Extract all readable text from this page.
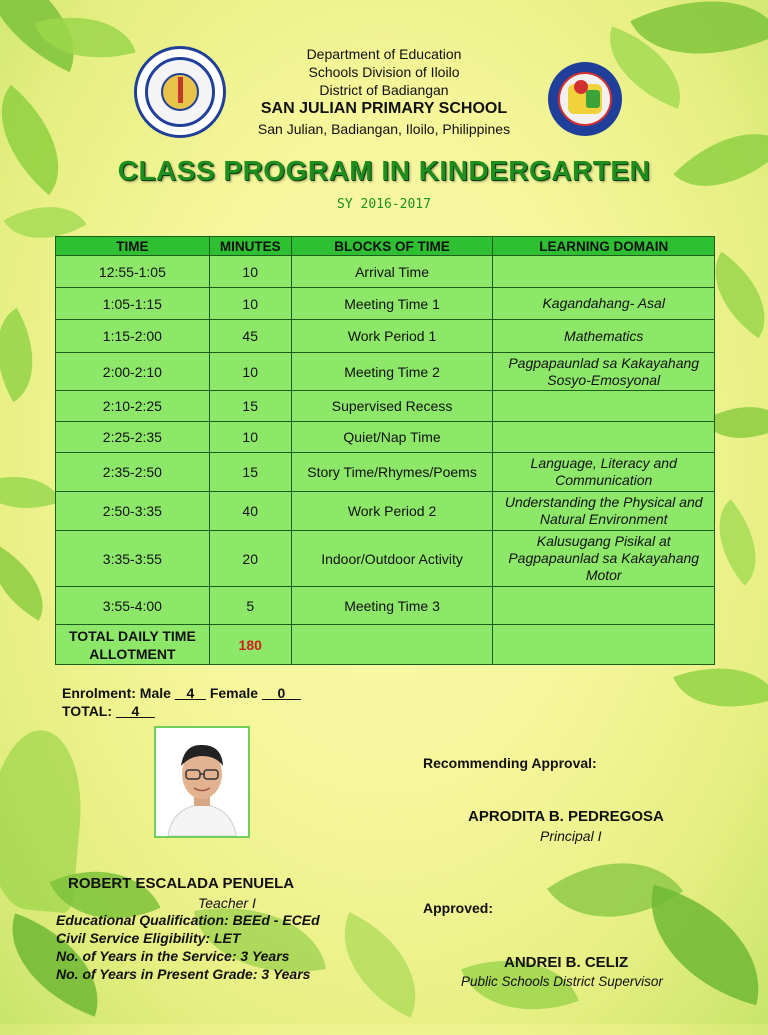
Department of Education
Schools Division of Iloilo
District of Badiangan
SAN JULIAN PRIMARY SCHOOL
San Julian, Badiangan, Iloilo, Philippines
CLASS PROGRAM IN KINDERGARTEN
SY 2016-2017
TIME	MINUTES	BLOCKS OF TIME	LEARNING DOMAIN
12:55-1:05	10	Arrival Time	
1:05-1:15	10	Meeting Time 1	Kagandahang- Asal
1:15-2:00	45	Work Period 1	Mathematics
2:00-2:10	10	Meeting Time 2	Pagpapaunlad sa Kakayahang Sosyo-Emosyonal
2:10-2:25	15	Supervised Recess	
2:25-2:35	10	Quiet/Nap Time	
2:35-2:50	15	Story Time/Rhymes/Poems	Language, Literacy and Communication
2:50-3:35	40	Work Period 2	Understanding the Physical and Natural Environment
3:35-3:55	20	Indoor/Outdoor Activity	Kalusugang Pisikal at Pagpapaunlad sa Kakayahang Motor
3:55-4:00	5	Meeting Time 3	
TOTAL DAILY TIME ALLOTMENT	180		
Enrolment: Male 4 Female 0
TOTAL: 4
ROBERT ESCALADA PENUELA
Teacher I
Educational Qualification: BEEd - ECEd
Civil Service Eligibility: LET
No. of Years in the Service: 3 Years
No. of Years in Present Grade: 3 Years
Recommending Approval:
APRODITA B. PEDREGOSA
Principal I
Approved:
ANDREI B. CELIZ
Public Schools District Supervisor
